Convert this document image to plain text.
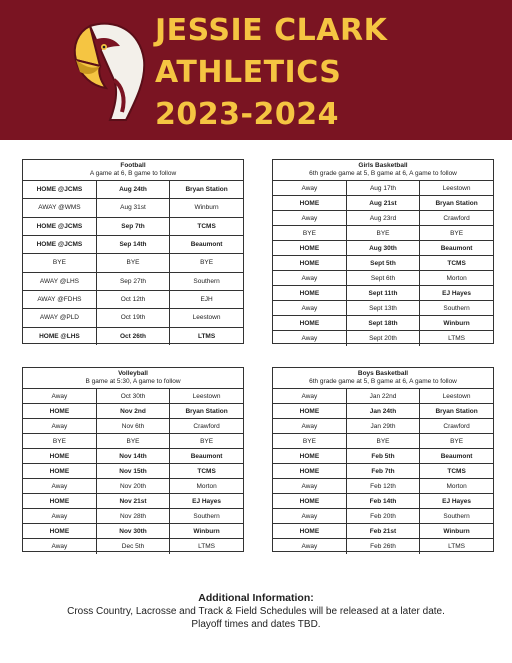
JESSIE CLARK
ATHLETICS
2023-2024
Football
A game at 6, B game to follow		
HOME @JCMS	Aug 24th	Bryan Station
AWAY @WMS	Aug 31st	Winburn
HOME @JCMS	Sep 7th	TCMS
HOME @JCMS	Sep 14th	Beaumont
BYE	BYE	BYE
AWAY @LHS	Sep 27th	Southern
AWAY @FDHS	Oct 12th	EJH
AWAY @PLD	Oct 19th	Leestown
HOME @LHS	Oct 26th	LTMS
Girls Basketball
6th grade game at 5, B game at 6, A game to follow		
Away	Aug 17th	Leestown
HOME	Aug 21st	Bryan Station
Away	Aug 23rd	Crawford
BYE	BYE	BYE
HOME	Aug 30th	Beaumont
HOME	Sept 5th	TCMS
Away	Sept 6th	Morton
HOME	Sept 11th	EJ Hayes
Away	Sept 13th	Southern
HOME	Sept 18th	Winburn
Away	Sept 20th	LTMS
Volleyball
B game at 5:30, A game to follow		
Away	Oct 30th	Leestown
HOME	Nov 2nd	Bryan Station
Away	Nov 6th	Crawford
BYE	BYE	BYE
HOME	Nov 14th	Beaumont
HOME	Nov 15th	TCMS
Away	Nov 20th	Morton
HOME	Nov 21st	EJ Hayes
Away	Nov 28th	Southern
HOME	Nov 30th	Winburn
Away	Dec 5th	LTMS
Boys Basketball
6th grade game at 5, B game at 6, A game to follow		
Away	Jan 22nd	Leestown
HOME	Jan 24th	Bryan Station
Away	Jan 29th	Crawford
BYE	BYE	BYE
HOME	Feb 5th	Beaumont
HOME	Feb 7th	TCMS
Away	Feb 12th	Morton
HOME	Feb 14th	EJ Hayes
Away	Feb 20th	Southern
HOME	Feb 21st	Winburn
Away	Feb 26th	LTMS
Additional Information:
Cross Country, Lacrosse and Track & Field Schedules will be released at a later date.
Playoff times and dates TBD.
